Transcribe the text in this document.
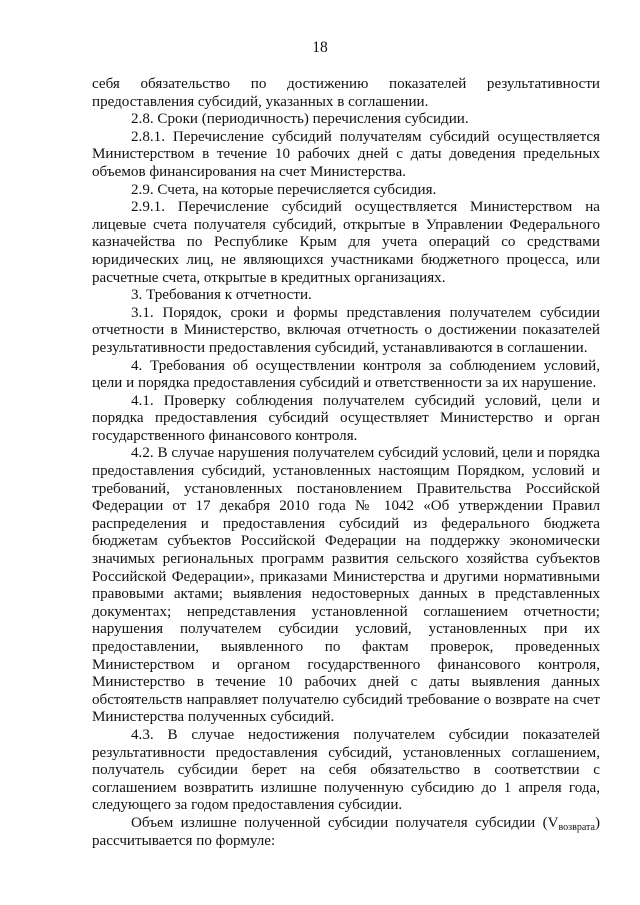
18

себя обязательство по достижению показателей результативности предоставления субсидий, указанных в соглашении.

2.8. Сроки (периодичность) перечисления субсидии.

2.8.1. Перечисление субсидий получателям субсидий осуществляется Министерством в течение 10 рабочих дней с даты доведения предельных объемов финансирования на счет Министерства.

2.9. Счета, на которые перечисляется субсидия.

2.9.1. Перечисление субсидий осуществляется Министерством на лицевые счета получателя субсидий, открытые в Управлении Федерального казначейства по Республике Крым для учета операций со средствами юридических лиц, не являющихся участниками бюджетного процесса, или расчетные счета, открытые в кредитных организациях.

3. Требования к отчетности.

3.1. Порядок, сроки и формы представления получателем субсидии отчетности в Министерство, включая отчетность о достижении показателей результативности предоставления субсидий, устанавливаются в соглашении.

4. Требования об осуществлении контроля за соблюдением условий, цели и порядка предоставления субсидий и ответственности за их нарушение.

4.1. Проверку соблюдения получателем субсидий условий, цели и порядка предоставления субсидий осуществляет Министерство и орган государственного финансового контроля.

4.2. В случае нарушения получателем субсидий условий, цели и порядка предоставления субсидий, установленных настоящим Порядком, условий и требований, установленных постановлением Правительства Российской Федерации от 17 декабря 2010 года № 1042 «Об утверждении Правил распределения и предоставления субсидий из федерального бюджета бюджетам субъектов Российской Федерации на поддержку экономически значимых региональных программ развития сельского хозяйства субъектов Российской Федерации», приказами Министерства и другими нормативными правовыми актами; выявления недостоверных данных в представленных документах; непредставления установленной соглашением отчетности; нарушения получателем субсидии условий, установленных при их предоставлении, выявленного по фактам проверок, проведенных Министерством и органом государственного финансового контроля, Министерство в течение 10 рабочих дней с даты выявления данных обстоятельств направляет получателю субсидий требование о возврате на счет Министерства полученных субсидий.

4.3. В случае недостижения получателем субсидии показателей результативности предоставления субсидий, установленных соглашением, получатель субсидии берет на себя обязательство в соответствии с соглашением возвратить излишне полученную субсидию до 1 апреля года, следующего за годом предоставления субсидии.

Объем излишне полученной субсидии получателя субсидии $(V_{возврата})$ рассчитывается по формуле:
